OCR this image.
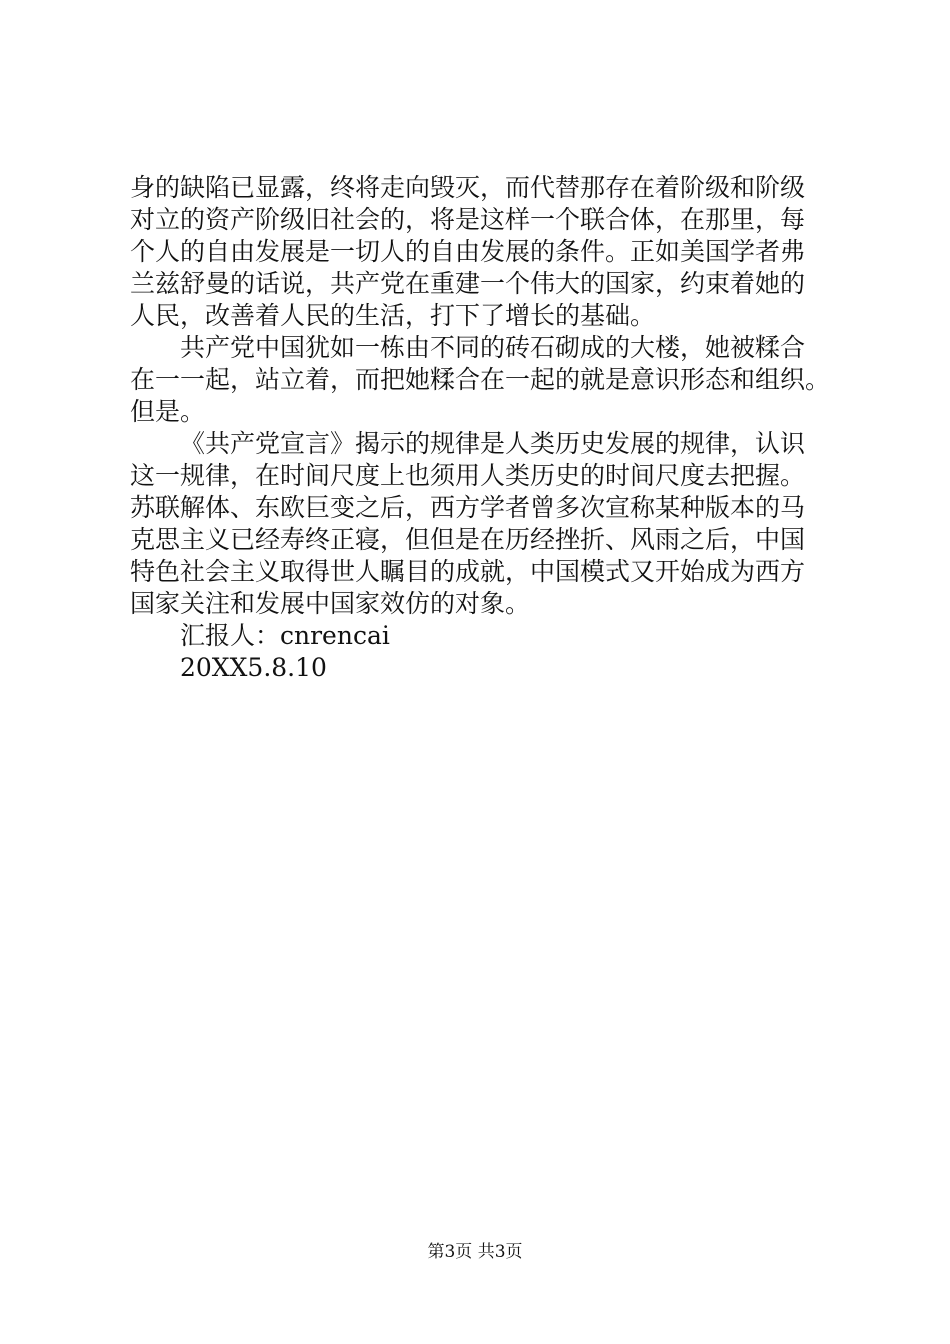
身的缺陷已显露，终将走向毁灭，而代替那存在着阶级和阶级
对立的资产阶级旧社会的，将是这样一个联合体，在那里，每
个人的自由发展是一切人的自由发展的条件。正如美国学者弗
兰兹舒曼的话说，共产党在重建一个伟大的国家，约束着她的
人民，改善着人民的生活，打下了增长的基础。

共产党中国犹如一栋由不同的砖石砌成的大楼，她被糅合
在一一起，站立着，而把她糅合在一起的就是意识形态和组织。
但是。

《共产党宣言》揭示的规律是人类历史发展的规律，认识
这一规律，在时间尺度上也须用人类历史的时间尺度去把握。
苏联解体、东欧巨变之后，西方学者曾多次宣称某种版本的马
克思主义已经寿终正寝，但但是在历经挫折、风雨之后，中国
特色社会主义取得世人瞩目的成就，中国模式又开始成为西方
国家关注和发展中国家效仿的对象。

汇报人：cnrencai

20XX5.8.10

第3页 共3页
